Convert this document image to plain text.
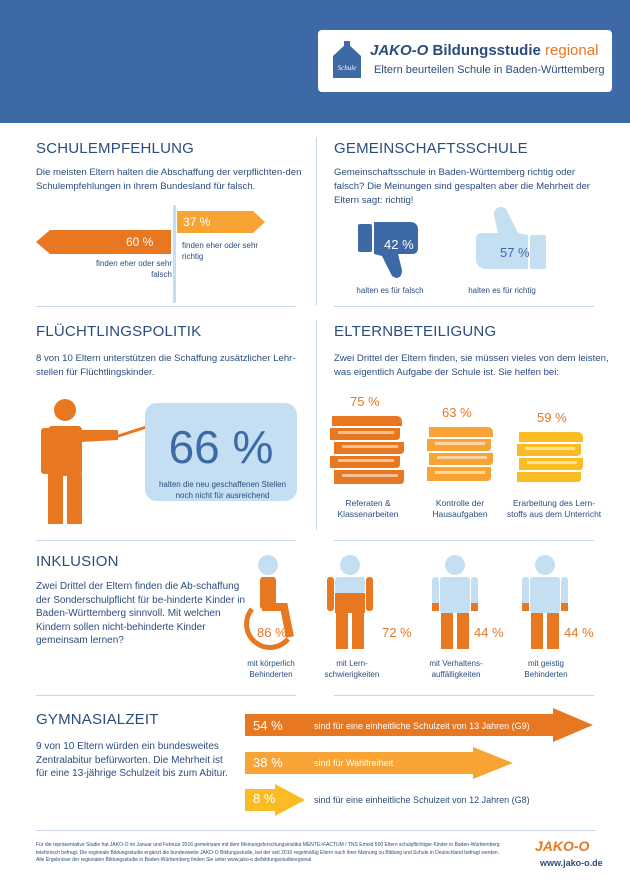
Schule
JAKO-O Bildungsstudie regional
Eltern beurteilen Schule in Baden-Württemberg
SCHULEMPFEHLUNG
Die meisten Eltern halten die Abschaffung der verpflichten-den Schulempfehlungen in ihrem Bundesland für falsch.
60 %
finden eher oder sehr falsch
37 %
finden eher oder sehr richtig
GEMEINSCHAFTSSCHULE
Gemeinschaftsschule in Baden-Württemberg richtig oder falsch? Die Meinungen sind gespalten aber die Mehrheit der Eltern sagt: richtig!
42 %
halten es für falsch
57 %
halten es für richtig
FLÜCHTLINGSPOLITIK
8 von 10 Eltern unterstützen die Schaffung zusätzlicher Lehr-stellen für Flüchtlingskinder.
66 %
halten die neu geschaffenen Stellen noch nicht für ausreichend
ELTERNBETEILIGUNG
Zwei Drittel der Eltern finden, sie müssen vieles von dem leisten, was eigentlich Aufgabe der Schule ist. Sie helfen bei:
75 %
Referaten & Klassenarbeiten
63 %
Kontrolle der Hausaufgaben
59 %
Erarbeitung des Lern-stoffs aus dem Unterricht
INKLUSION
Zwei Drittel der Eltern finden die Ab-schaffung der Sonderschulpflicht für be-hinderte Kinder in Baden-Württemberg sinnvoll. Mit welchen Kindern sollen nicht-behinderte Kinder gemeinsam lernen?
86 %
mit körperlich Behinderten
72 %
mit Lern-schwierigkeiten
44 %
mit Verhaltens-auffälligkeiten
44 %
mit geistig Behinderten
GYMNASIALZEIT
9 von 10 Eltern würden ein bundesweites Zentralabitur befürworten. Die Mehrheit ist für eine 13-jährige Schulzeit bis zum Abitur.
54 %	sind für eine einheitliche Schulzeit von 13 Jahren (G9)
38 %	sind für Wahlfreiheit
8 %	sind für eine einheitliche Schulzeit von 12 Jahren (G8)
Für die repräsentative Studie hat JAKO-O im Januar und Februar 2016 gemeinsam mit dem Meinungsforschungsinstitut MENTE>FACTUM / TNS Emnid 500 Eltern schulpflichtiger Kinder in Baden-Württemberg telefonisch befragt. Die regionale Bildungsstudie ergänzt die bundesweite JAKO-O Bildungsstudie, bei der seit 2010 regelmäßig Eltern nach ihrer Meinung zu Bildung und Schule in Deutschland befragt werden. Alle Ergebnisse der regionalen Bildungsstudie in Baden-Württemberg finden Sie unter www.jako-o.de/bildungsstudieregional
JAKO-O
www.jako-o.de
